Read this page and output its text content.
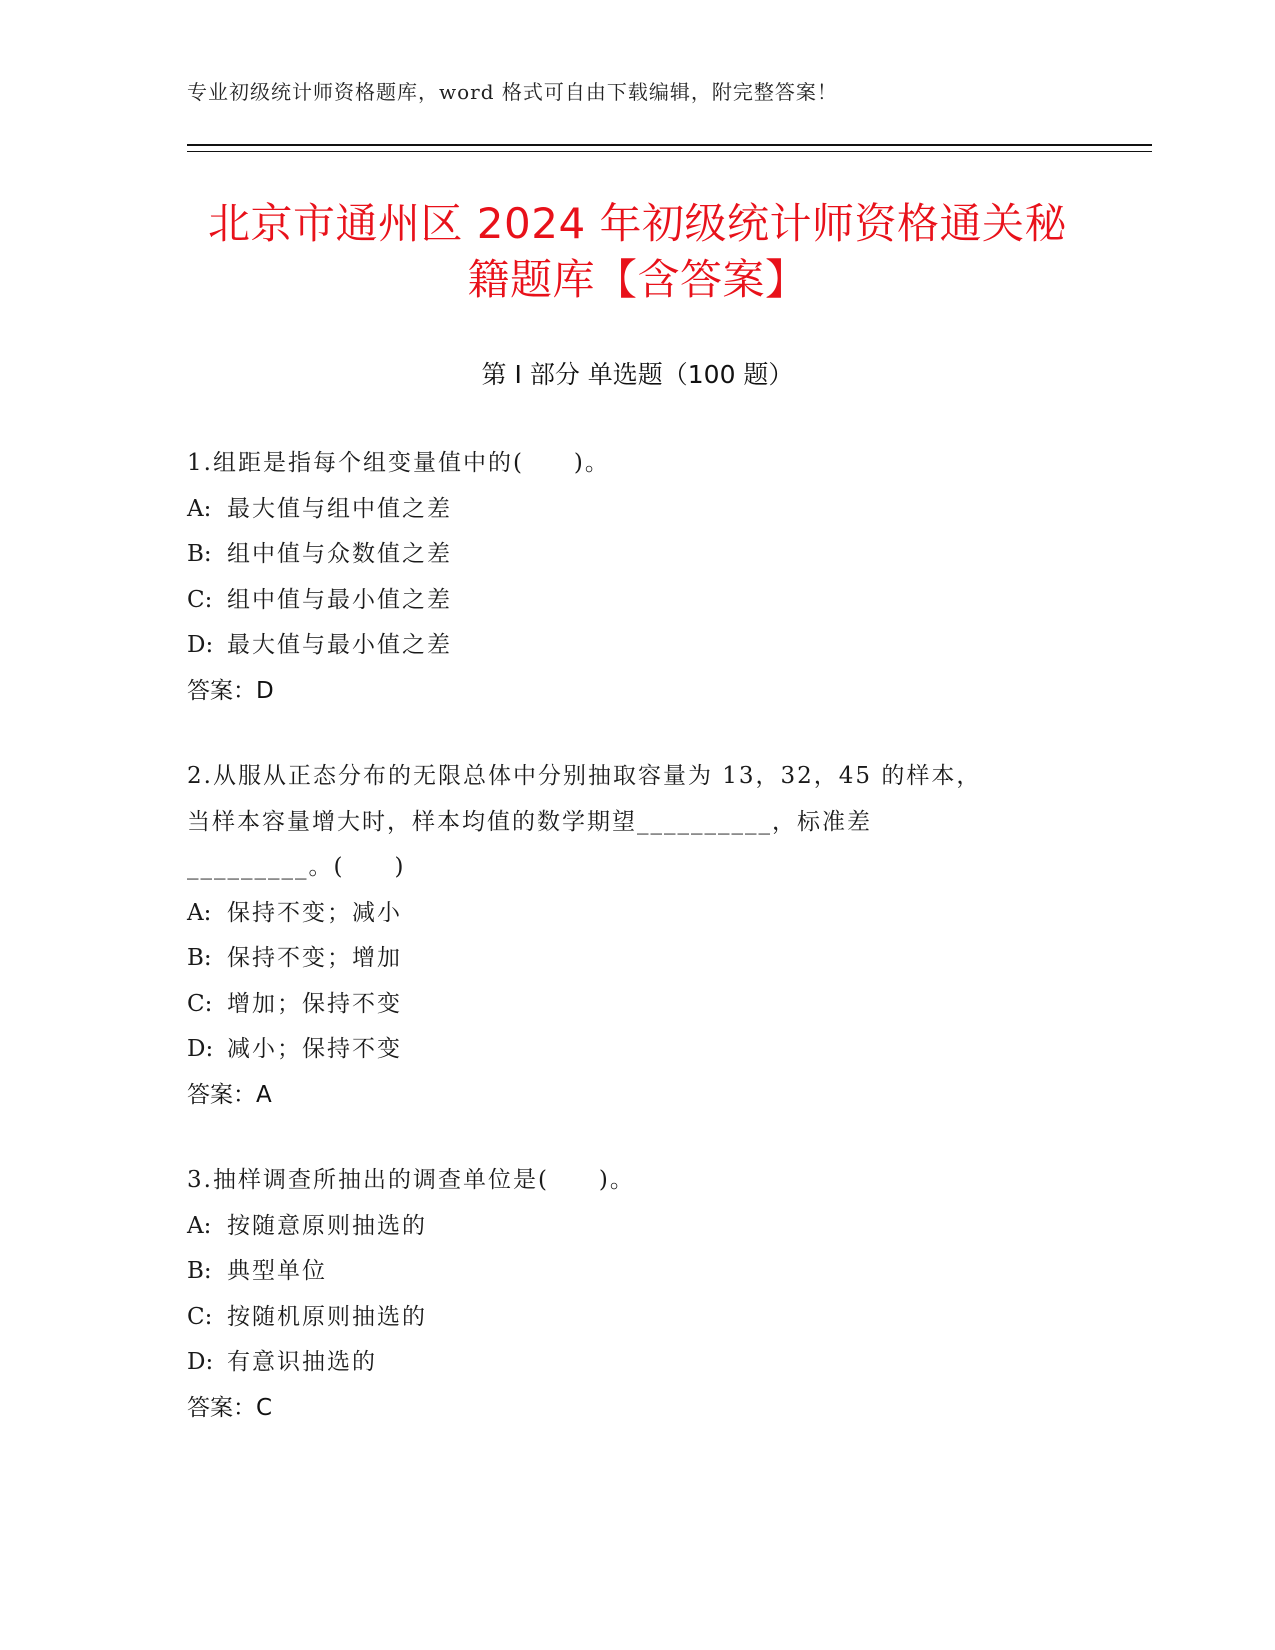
专业初级统计师资格题库，word 格式可自由下载编辑，附完整答案！
北京市通州区 2024 年初级统计师资格通关秘
籍题库【含答案】
第 I 部分 单选题（100 题）
1.组距是指每个组变量值中的(　　)。
A: 最大值与组中值之差
B: 组中值与众数值之差
C: 组中值与最小值之差
D: 最大值与最小值之差
答案：D
2.从服从正态分布的无限总体中分别抽取容量为 13，32，45 的样本，
当样本容量增大时，样本均值的数学期望__________，标准差
_________。(　　)
A: 保持不变；减小
B: 保持不变；增加
C: 增加；保持不变
D: 减小；保持不变
答案：A
3.抽样调查所抽出的调查单位是(　　)。
A: 按随意原则抽选的
B: 典型单位
C: 按随机原则抽选的
D: 有意识抽选的
答案：C
